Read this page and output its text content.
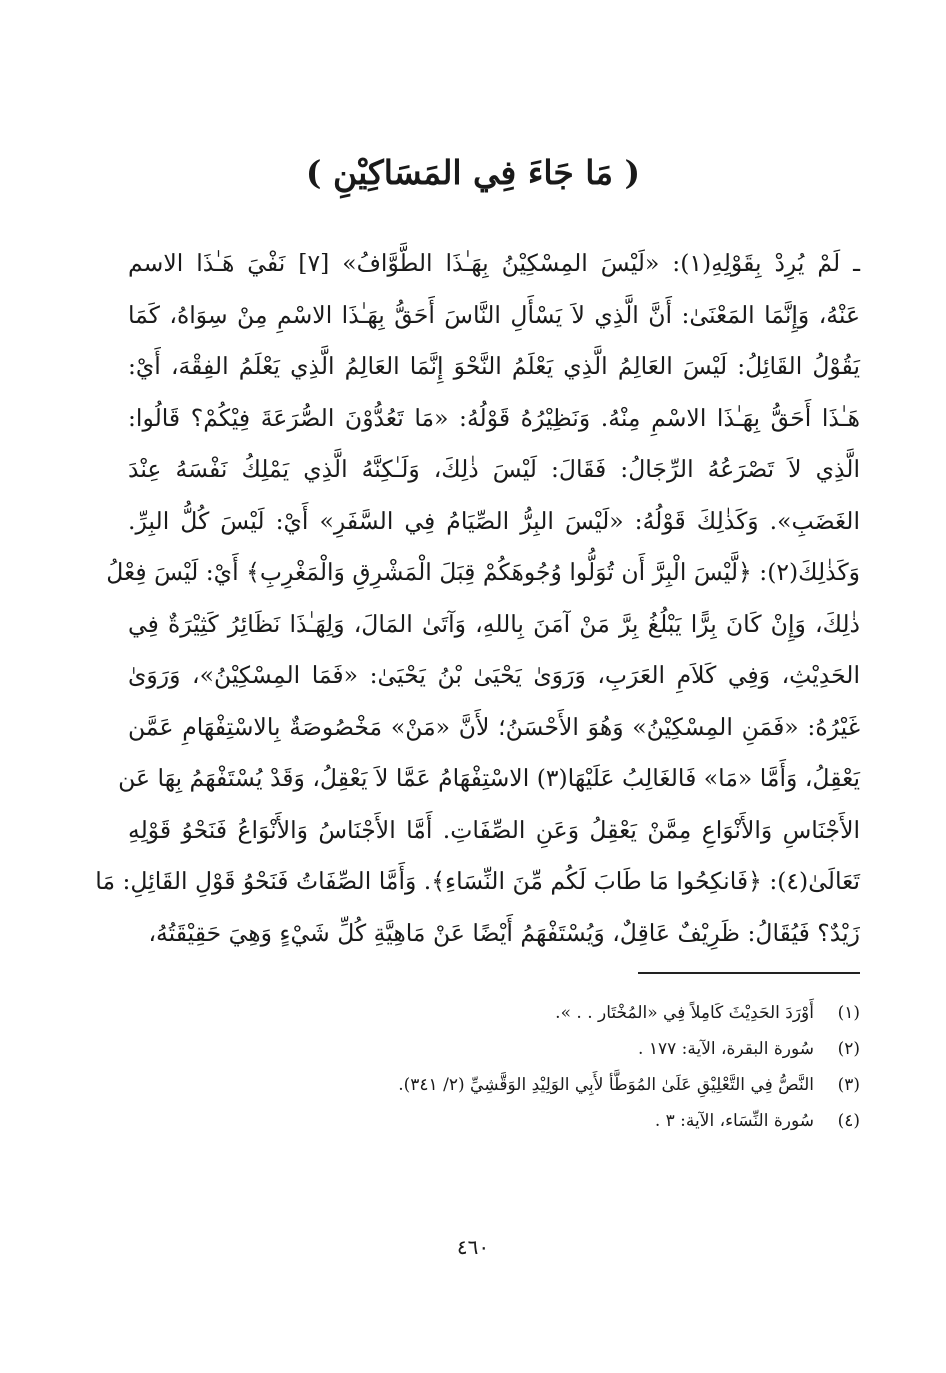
( مَا جَاءَ فِي المَسَاكِيْنِ )
ـ لَمْ يُرِدْ بِقَوْلِهِ(١): «لَيْسَ المِسْكِيْنُ بِهَـٰذَا الطَّوَّافُ» [٧] نَفْيَ هَـٰذَا الاسم
عَنْهُ، وَإِنَّمَا المَعْنَىٰ: أَنَّ الَّذِي لاَ يَسْأَلِ النَّاسَ أَحَقُّ بِهَـٰذَا الاسْمِ مِنْ سِوَاهُ، كَمَا
يَقُوْلُ القَائِلُ: لَيْسَ العَالِمُ الَّذِي يَعْلَمُ النَّحْوَ إِنَّمَا العَالِمُ الَّذِي يَعْلَمُ الفِقْهَ، أَيْ:
هَـٰذَا أَحَقُّ بِهَـٰذَا الاسْمِ مِنْهُ. وَنَظِيْرُهُ قَوْلُهُ: «مَا تَعُدُّوْنَ الصُّرَعَةَ فِيْكُمْ؟ قَالُوا:
الَّذِي لاَ تَصْرَعُهُ الرِّجَالُ: فَقَالَ: لَيْسَ ذٰلِكَ، وَلَـٰكِنَّهُ الَّذِي يَمْلِكُ نَفْسَهُ عِنْدَ
الغَضَبِ». وَكَذٰلِكَ قَوْلُهُ: «لَيْسَ البِرُّ الصِّيَامُ فِي السَّفَرِ» أَيْ: لَيْسَ كُلُّ البِرِّ.
وَكَذٰلِكَ(٢): ﴿لَّيْسَ الْبِرَّ أَن تُوَلُّوا وُجُوهَكُمْ قِبَلَ الْمَشْرِقِ وَالْمَغْرِبِ﴾ أَيْ: لَيْسَ فِعْلُ
ذٰلِكَ، وَإِنْ كَانَ بِرًّا يَبْلُغُ بِرَّ مَنْ آمَنَ بِاللهِ، وَآتَىٰ المَالَ، وَلِهَـٰذَا نَظَائِرُ كَثِيْرَةٌ فِي
الحَدِيْثِ، وَفِي كَلاَمِ العَرَبِ، وَرَوَىٰ يَحْيَىٰ بْنُ يَحْيَىٰ: «فَمَا المِسْكِيْنُ»، وَرَوَىٰ
غَيْرُهُ: «فَمَنِ المِسْكِيْنُ» وَهُوَ الأَحْسَنُ؛ لأَنَّ «مَنْ» مَخْصُوصَةٌ بِالاسْتِفْهَامِ عَمَّن
يَعْقِلُ، وَأَمَّا «مَا» فَالغَالِبُ عَلَيْهَا(٣) الاسْتِفْهَامُ عَمَّا لاَ يَعْقِلُ، وَقَدْ يُسْتَفْهَمُ بِهَا عَن
الأَجْنَاسِ وَالأَنْوَاعِ مِمَّنْ يَعْقِلُ وَعَنِ الصِّفَاتِ. أَمَّا الأَجْنَاسُ وَالأَنْوَاعُ فَنَحْوُ قَوْلِهِ
تَعَالَىٰ(٤): ﴿فَانكِحُوا مَا طَابَ لَكُم مِّنَ النِّسَاءِ﴾. وَأَمَّا الصِّفَاتُ فَنَحْوُ قَوْلِ القَائِلِ: مَا
زَيْدٌ؟ فَيُقَالُ: ظَرِيْفٌ عَاقِلٌ، وَيُسْتَفْهَمُ أَيْضًا عَنْ مَاهِيَّةِ كُلِّ شَيْءٍ وَهِيَ حَقِيْقَتُهُ،
(١)أَوْرَدَ الحَدِيْثَ كَامِلاً فِي «المُخْتَار . . ».
(٢)سُورة البقرة، الآية: ١٧٧ .
(٣)النَّصُّ فِي التَّعْلِيْقِ عَلَىٰ المُوَطَّأ لأَبِي الوَلِيْدِ الوَقَّشِيِّ (٢/ ٣٤١).
(٤)سُورة النِّسَاء، الآية: ٣ .
٤٦٠
